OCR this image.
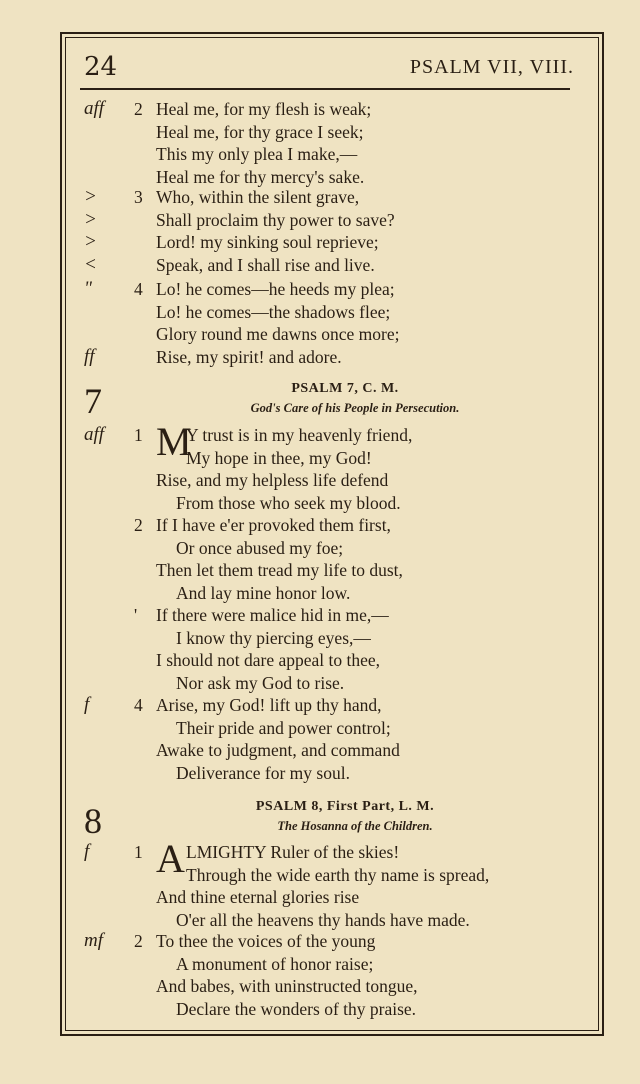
24	PSALM VII, VIII.
aff	2 Heal me, for my flesh is weak;
Heal me, for thy grace I seek;
This my only plea I make,—
Heal me for thy mercy's sake.
>	3 Who, within the silent grave,
>	Shall proclaim thy power to save?
>	Lord! my sinking soul reprieve;
<	Speak, and I shall rise and live.
"	4 Lo! he comes—he heeds my plea;
Lo! he comes—the shadows flee;
Glory round me dawns once more;
ff	Rise, my spirit! and adore.
7	PSALM 7, C. M.
God's Care of his People in Persecution.
aff	1 M
Y trust is in my heavenly friend,
My hope in thee, my God!
Rise, and my helpless life defend
From those who seek my blood.
2 If I have e'er provoked them first,
Or once abused my foe;
Then let them tread my life to dust,
And lay mine honor low.
' If there were malice hid in me,—
I know thy piercing eyes,—
I should not dare appeal to thee,
Nor ask my God to rise.
f	4 Arise, my God! lift up thy hand,
Their pride and power control;
Awake to judgment, and command
Deliverance for my soul.
8	PSALM 8, First Part, L. M.
The Hosanna of the Children.
f	1 A LMIGHTY Ruler of the skies!
Through the wide earth thy name is spread,
And thine eternal glories rise
O'er all the heavens thy hands have made.
mf	2 To thee the voices of the young
A monument of honor raise;
And babes, with uninstructed tongue,
Declare the wonders of thy praise.
